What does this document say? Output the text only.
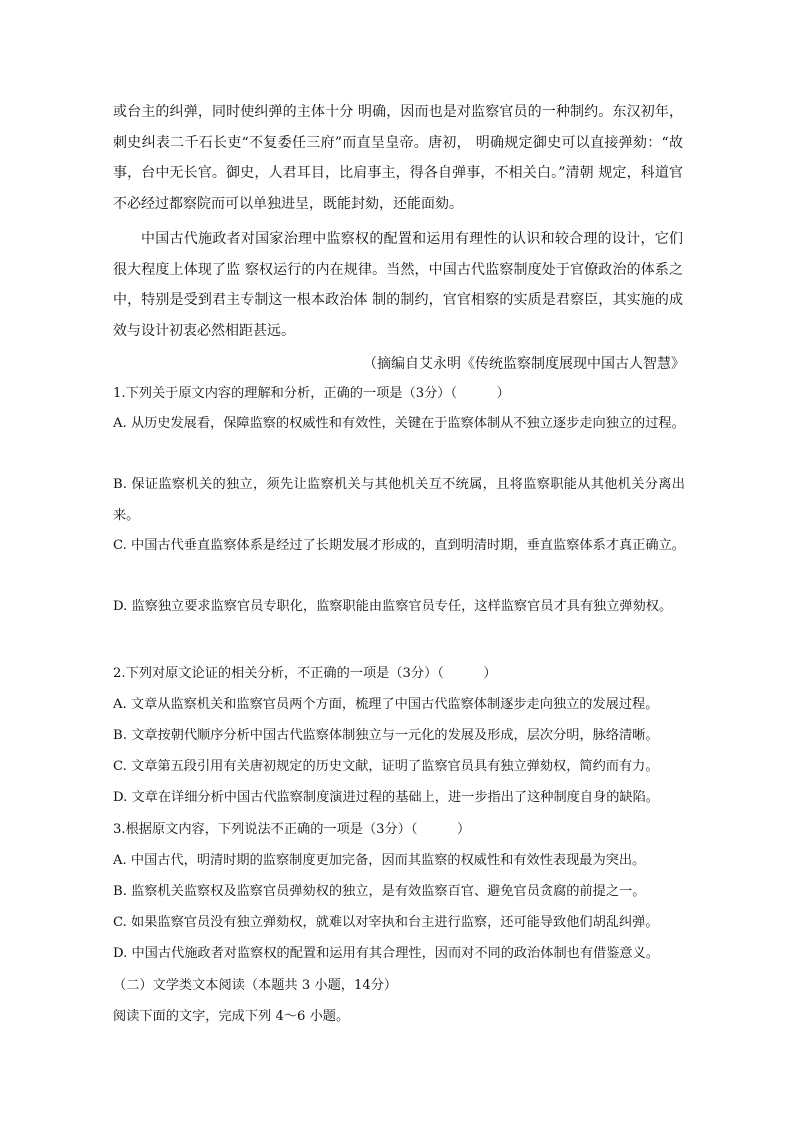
或台主的纠弹，同时使纠弹的主体十分 明确，因而也是对监察官员的一种制约。东汉初年，刺史纠表二千石长吏“不复委任三府”而直呈皇帝。唐初， 明确规定御史可以直接弹劾：“故事，台中无长官。御史，人君耳目，比肩事主，得各自弹事，不相关白。”清朝 规定，科道官不必经过都察院而可以单独进呈，既能封劾，还能面劾。

中国古代施政者对国家治理中监察权的配置和运用有理性的认识和较合理的设计，它们很大程度上体现了监 察权运行的内在规律。当然，中国古代监察制度处于官僚政治的体系之中，特别是受到君主专制这一根本政治体 制的制约，官官相察的实质是君察臣，其实施的成效与设计初衷必然相距甚远。

（摘编自艾永明《传统监察制度展现中国古人智慧》

1.下列关于原文内容的理解和分析，正确的一项是（3分）（　　　）

A. 从历史发展看，保障监察的权威性和有效性，关键在于监察体制从不独立逐步走向独立的过程。

B. 保证监察机关的独立，须先让监察机关与其他机关互不统属，且将监察职能从其他机关分离出来。

C. 中国古代垂直监察体系是经过了长期发展才形成的，直到明清时期，垂直监察体系才真正确立。

D. 监察独立要求监察官员专职化，监察职能由监察官员专任，这样监察官员才具有独立弹劾权。

2.下列对原文论证的相关分析，不正确的一项是（3分）（　　　）

A. 文章从监察机关和监察官员两个方面，梳理了中国古代监察体制逐步走向独立的发展过程。

B. 文章按朝代顺序分析中国古代监察体制独立与一元化的发展及形成，层次分明，脉络清晰。

C. 文章第五段引用有关唐初规定的历史文献，证明了监察官员具有独立弹劾权，简约而有力。

D. 文章在详细分析中国古代监察制度演进过程的基础上，进一步指出了这种制度自身的缺陷。

3.根据原文内容，下列说法不正确的一项是（3分）（　　　）

A. 中国古代，明清时期的监察制度更加完备，因而其监察的权威性和有效性表现最为突出。

B. 监察机关监察权及监察官员弹劾权的独立，是有效监察百官、避免官员贪腐的前提之一。

C. 如果监察官员没有独立弹劾权，就难以对宰执和台主进行监察，还可能导致他们胡乱纠弹。

D. 中国古代施政者对监察权的配置和运用有其合理性，因而对不同的政治体制也有借鉴意义。

（二）文学类文本阅读（本题共 3 小题，14分）

阅读下面的文字，完成下列 4～6 小题。
